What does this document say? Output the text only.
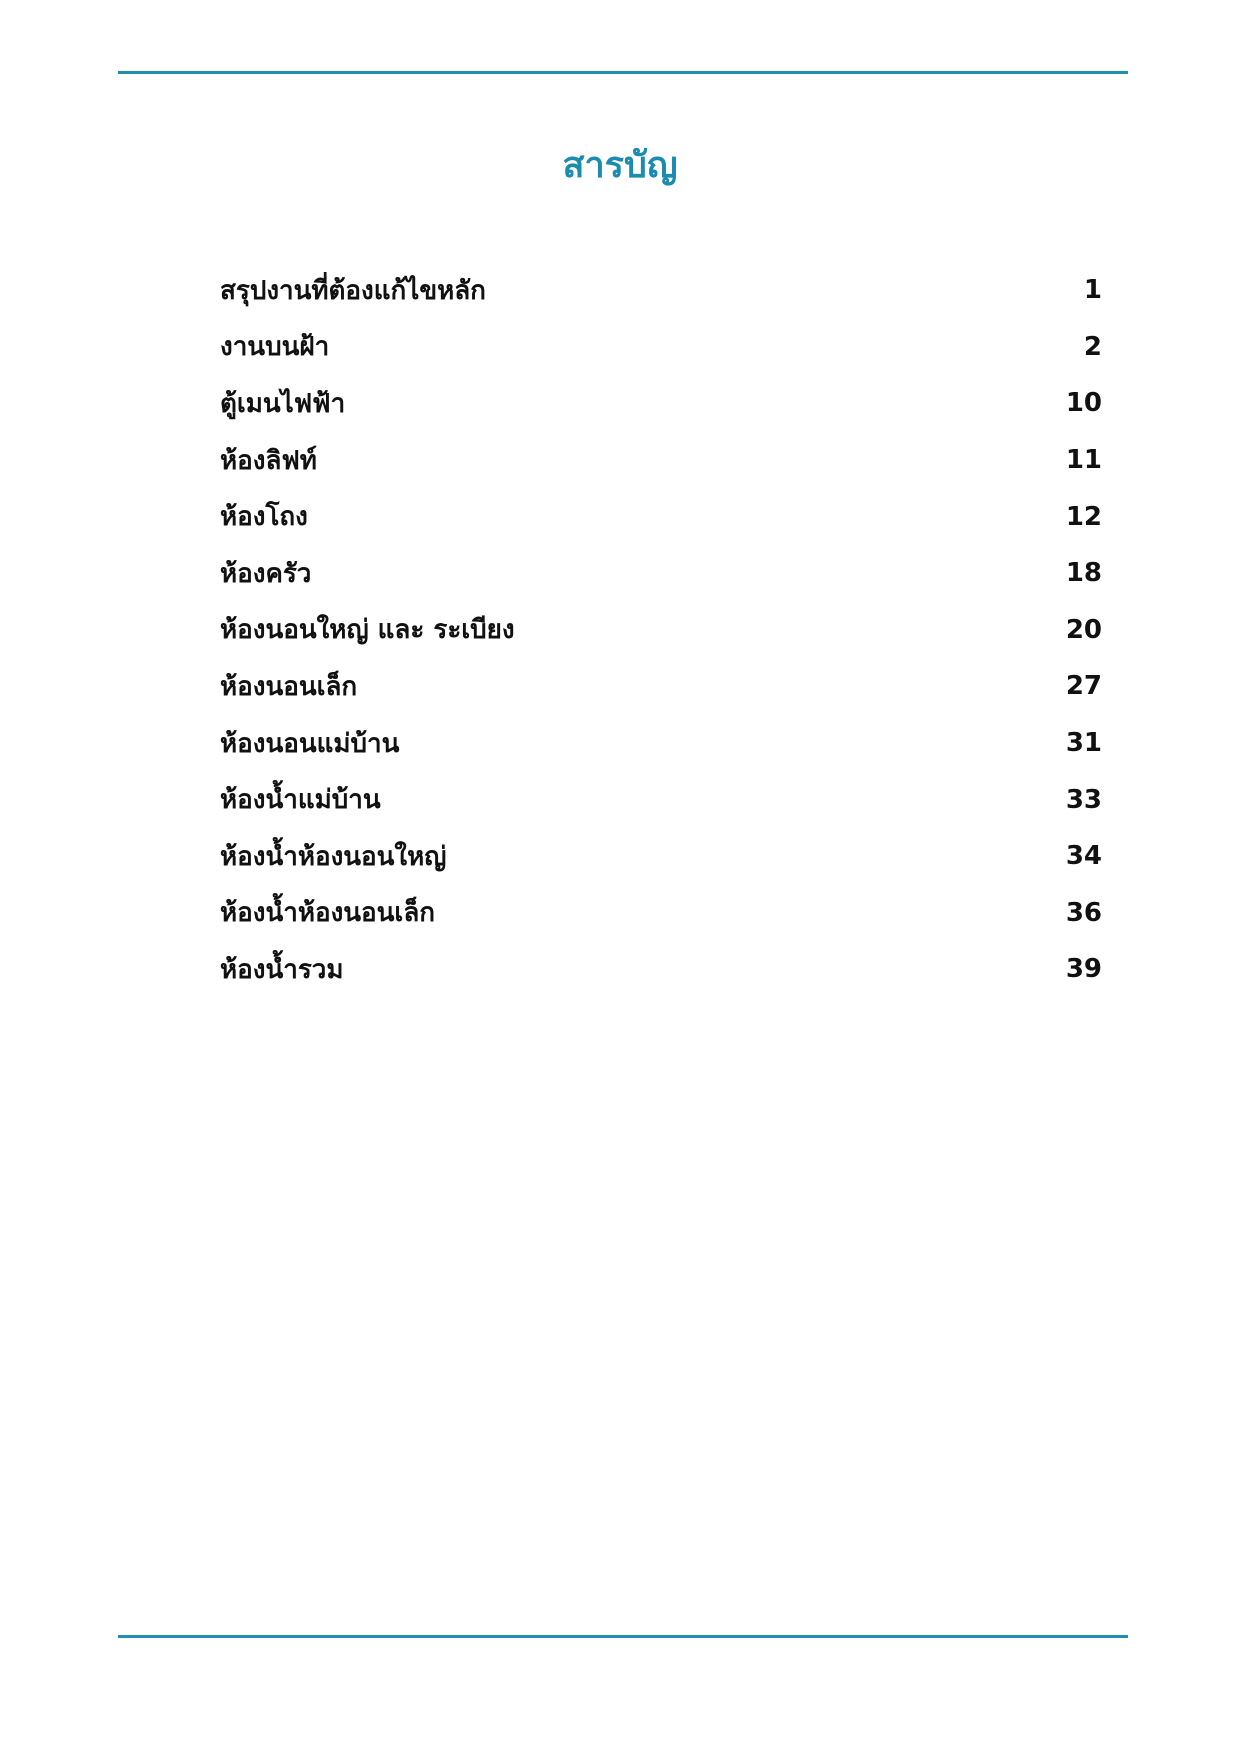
สารบัญ
สรุปงานที่ต้องแก้ไขหลัก	1
งานบนฝ้า	2
ตู้เมนไฟฟ้า	10
ห้องลิฟท์	11
ห้องโถง	12
ห้องครัว	18
ห้องนอนใหญ่ และ ระเบียง	20
ห้องนอนเล็ก	27
ห้องนอนแม่บ้าน	31
ห้องน้ำแม่บ้าน	33
ห้องน้ำห้องนอนใหญ่	34
ห้องน้ำห้องนอนเล็ก	36
ห้องน้ำรวม	39
